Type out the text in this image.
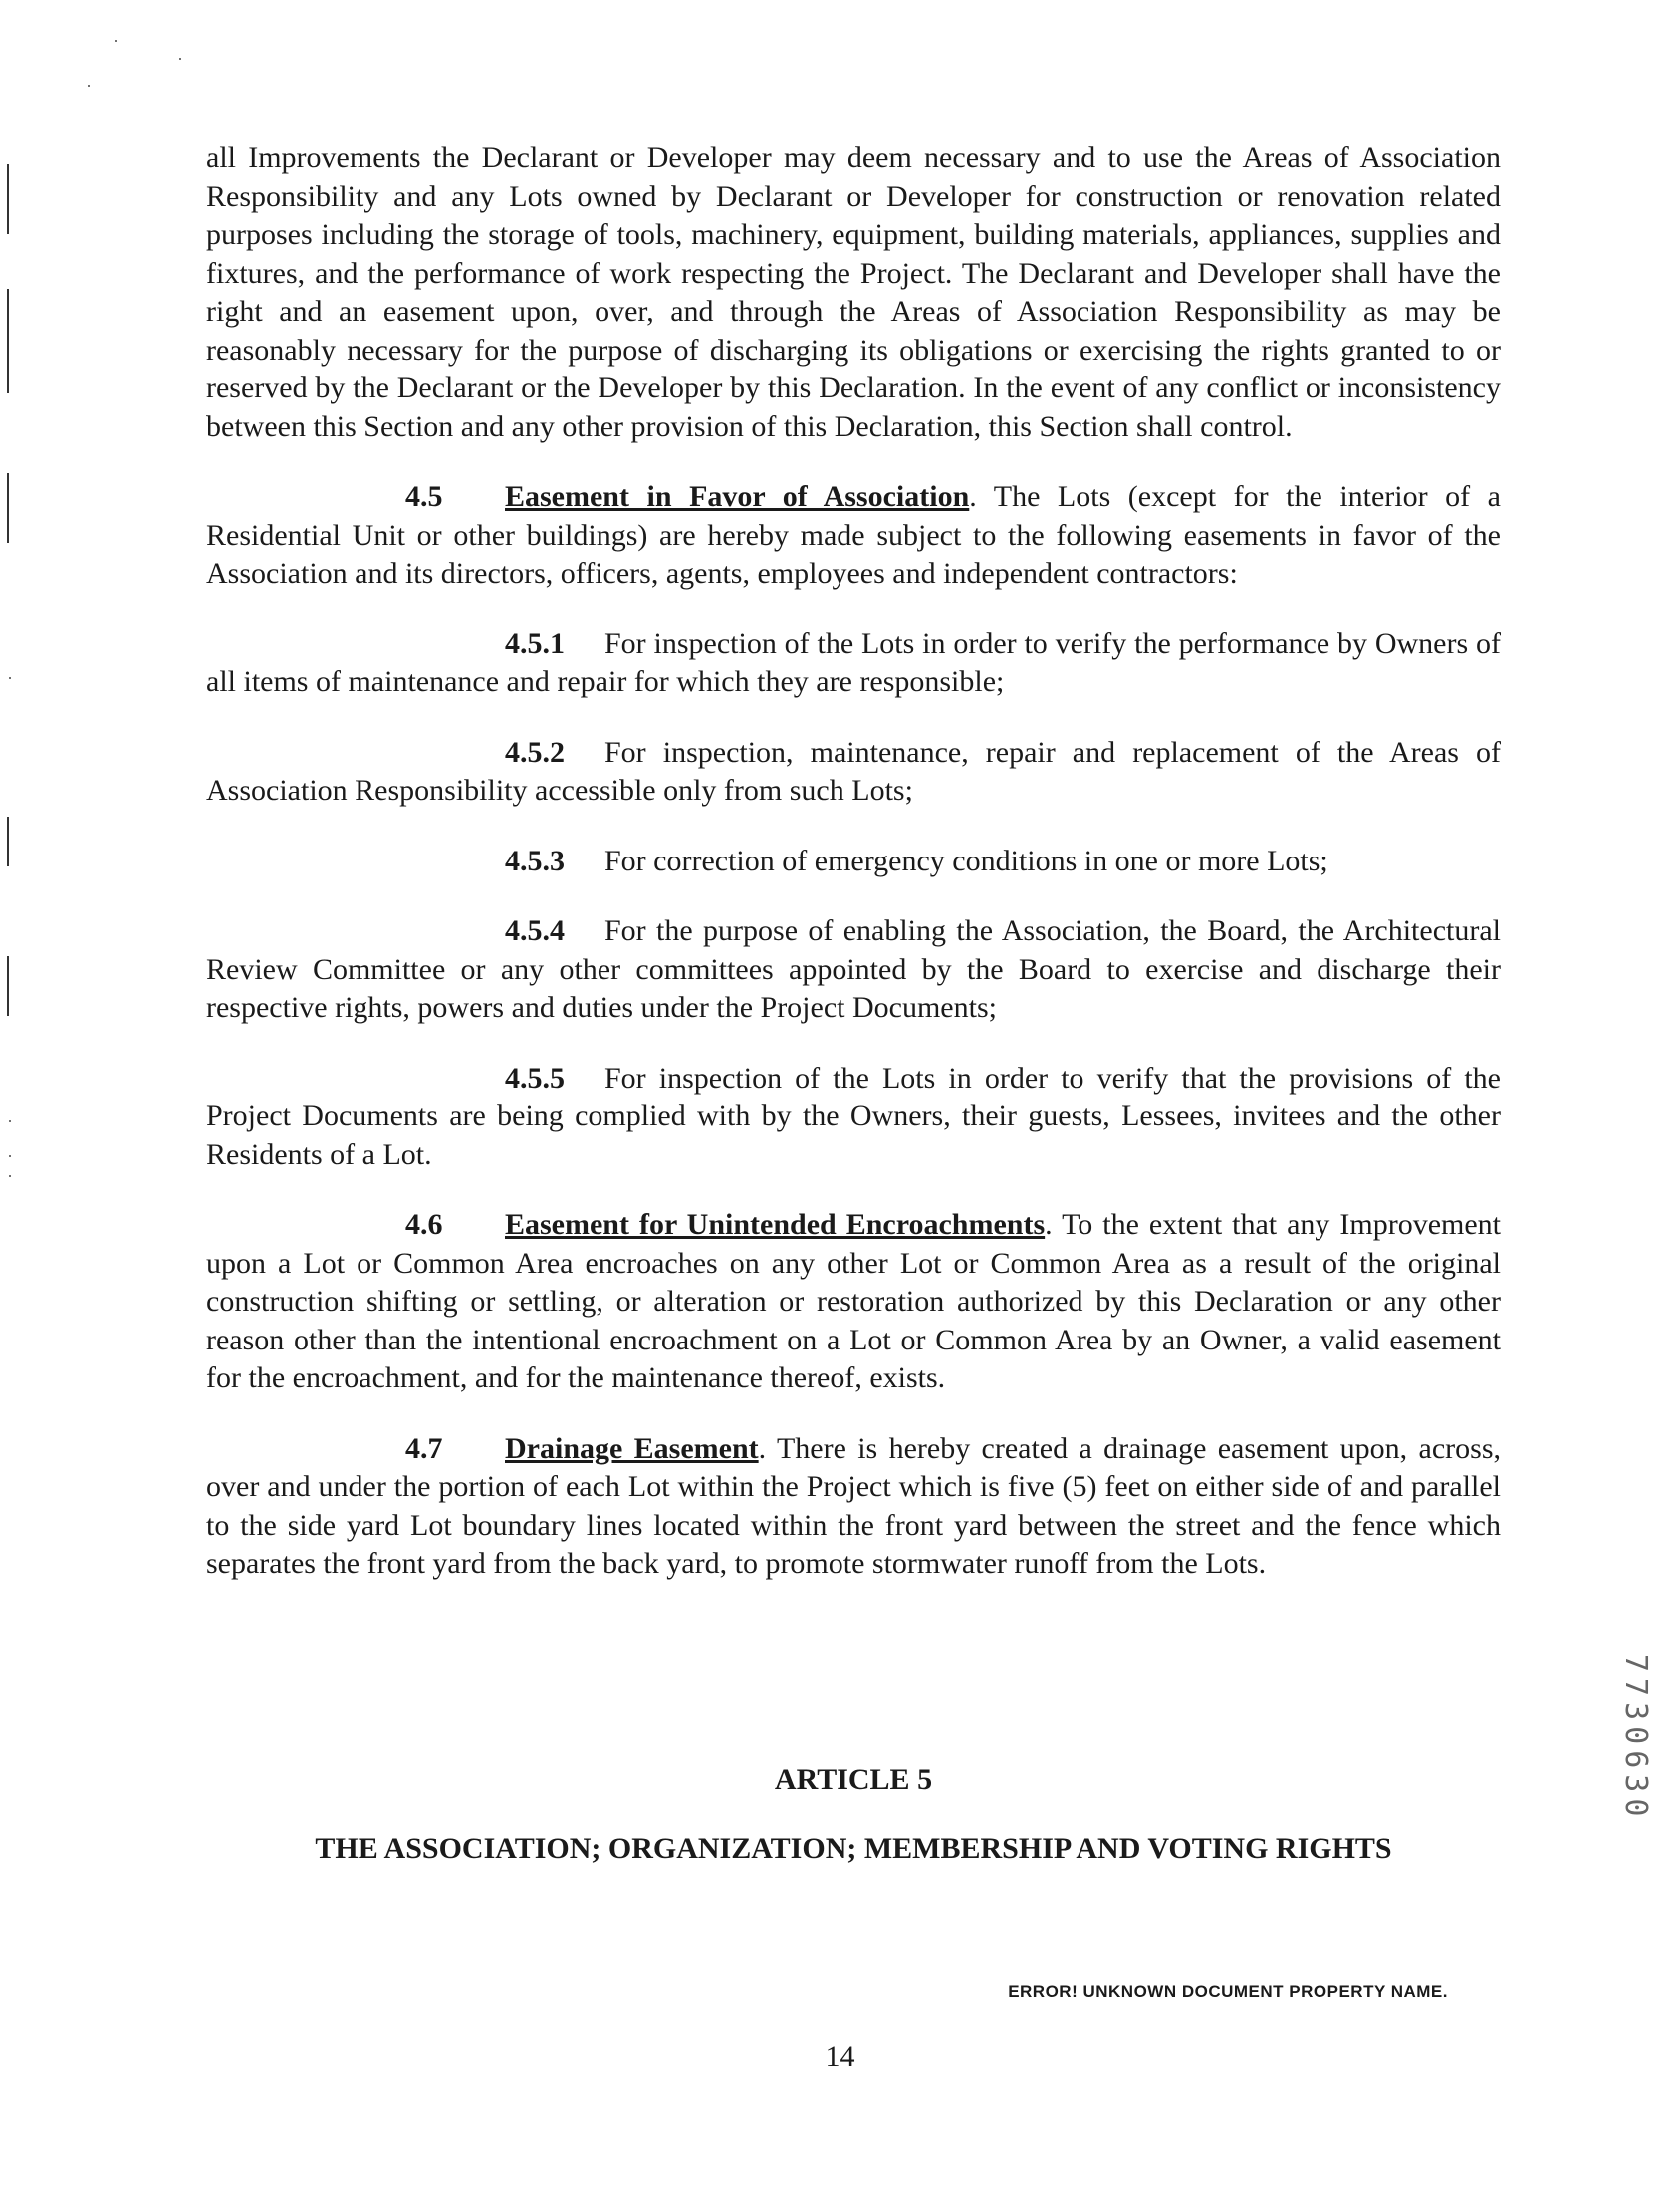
all Improvements the Declarant or Developer may deem necessary and to use the Areas of Association Responsibility and any Lots owned by Declarant or Developer for construction or renovation related purposes including the storage of tools, machinery, equipment, building materials, appliances, supplies and fixtures, and the performance of work respecting the Project. The Declarant and Developer shall have the right and an easement upon, over, and through the Areas of Association Responsibility as may be reasonably necessary for the purpose of discharging its obligations or exercising the rights granted to or reserved by the Declarant or the Developer by this Declaration. In the event of any conflict or inconsistency between this Section and any other provision of this Declaration, this Section shall control.

4.5 Easement in Favor of Association. The Lots (except for the interior of a Residential Unit or other buildings) are hereby made subject to the following easements in favor of the Association and its directors, officers, agents, employees and independent contractors:

4.5.1 For inspection of the Lots in order to verify the performance by Owners of all items of maintenance and repair for which they are responsible;

4.5.2 For inspection, maintenance, repair and replacement of the Areas of Association Responsibility accessible only from such Lots;

4.5.3 For correction of emergency conditions in one or more Lots;

4.5.4 For the purpose of enabling the Association, the Board, the Architectural Review Committee or any other committees appointed by the Board to exercise and discharge their respective rights, powers and duties under the Project Documents;

4.5.5 For inspection of the Lots in order to verify that the provisions of the Project Documents are being complied with by the Owners, their guests, Lessees, invitees and the other Residents of a Lot.

4.6 Easement for Unintended Encroachments. To the extent that any Improvement upon a Lot or Common Area encroaches on any other Lot or Common Area as a result of the original construction shifting or settling, or alteration or restoration authorized by this Declaration or any other reason other than the intentional encroachment on a Lot or Common Area by an Owner, a valid easement for the encroachment, and for the maintenance thereof, exists.

4.7 Drainage Easement. There is hereby created a drainage easement upon, across, over and under the portion of each Lot within the Project which is five (5) feet on either side of and parallel to the side yard Lot boundary lines located within the front yard between the street and the fence which separates the front yard from the back yard, to promote stormwater runoff from the Lots.

ARTICLE 5
THE ASSOCIATION; ORGANIZATION; MEMBERSHIP AND VOTING RIGHTS
ERROR! UNKNOWN DOCUMENT PROPERTY NAME.
14
7730630
